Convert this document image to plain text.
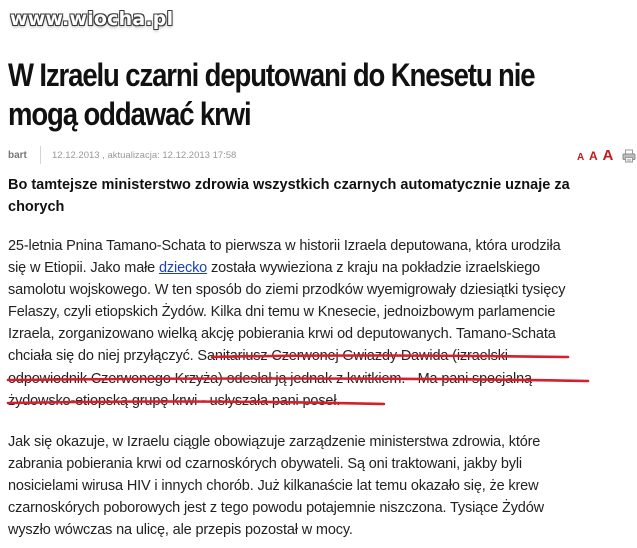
www.wiocha.pl
W Izraelu czarni deputowani do Knesetu nie
mogą oddawać krwi
bart	12.12.2013 , aktualizacja: 12.12.2013 17:58	A A A

Bo tamtejsze ministerstwo zdrowia wszystkich czarnych automatycznie uznaje za chorych

25-letnia Pnina Tamano-Schata to pierwsza w historii Izraela deputowana, która urodziła
się w Etiopii. Jako małe dziecko została wywieziona z kraju na pokładzie izraelskiego
samolotu wojskowego. W ten sposób do ziemi przodków wyemigrowały dziesiątki tysięcy
Felaszy, czyli etiopskich Żydów. Kilka dni temu w Knesecie, jednoizbowym parlamencie
Izraela, zorganizowano wielką akcję pobierania krwi od deputowanych. Tamano-Schata
chciała się do niej przyłączyć. Sanitariusz Czerwonej Gwiazdy Dawida (izraelski
odpowiednik Czerwonego Krzyża) odesłał ją jednak z kwitkiem. - Ma pani specjalną
żydowsko-etiopską grupę krwi - usłyszała pani poseł.

Jak się okazuje, w Izraelu ciągle obowiązuje zarządzenie ministerstwa zdrowia, które
zabrania pobierania krwi od czarnoskórych obywateli. Są oni traktowani, jakby byli
nosicielami wirusa HIV i innych chorób. Już kilkanaście lat temu okazało się, że krew
czarnoskórych poborowych jest z tego powodu potajemnie niszczona. Tysiące Żydów
wyszło wówczas na ulicę, ale przepis pozostał w mocy.
